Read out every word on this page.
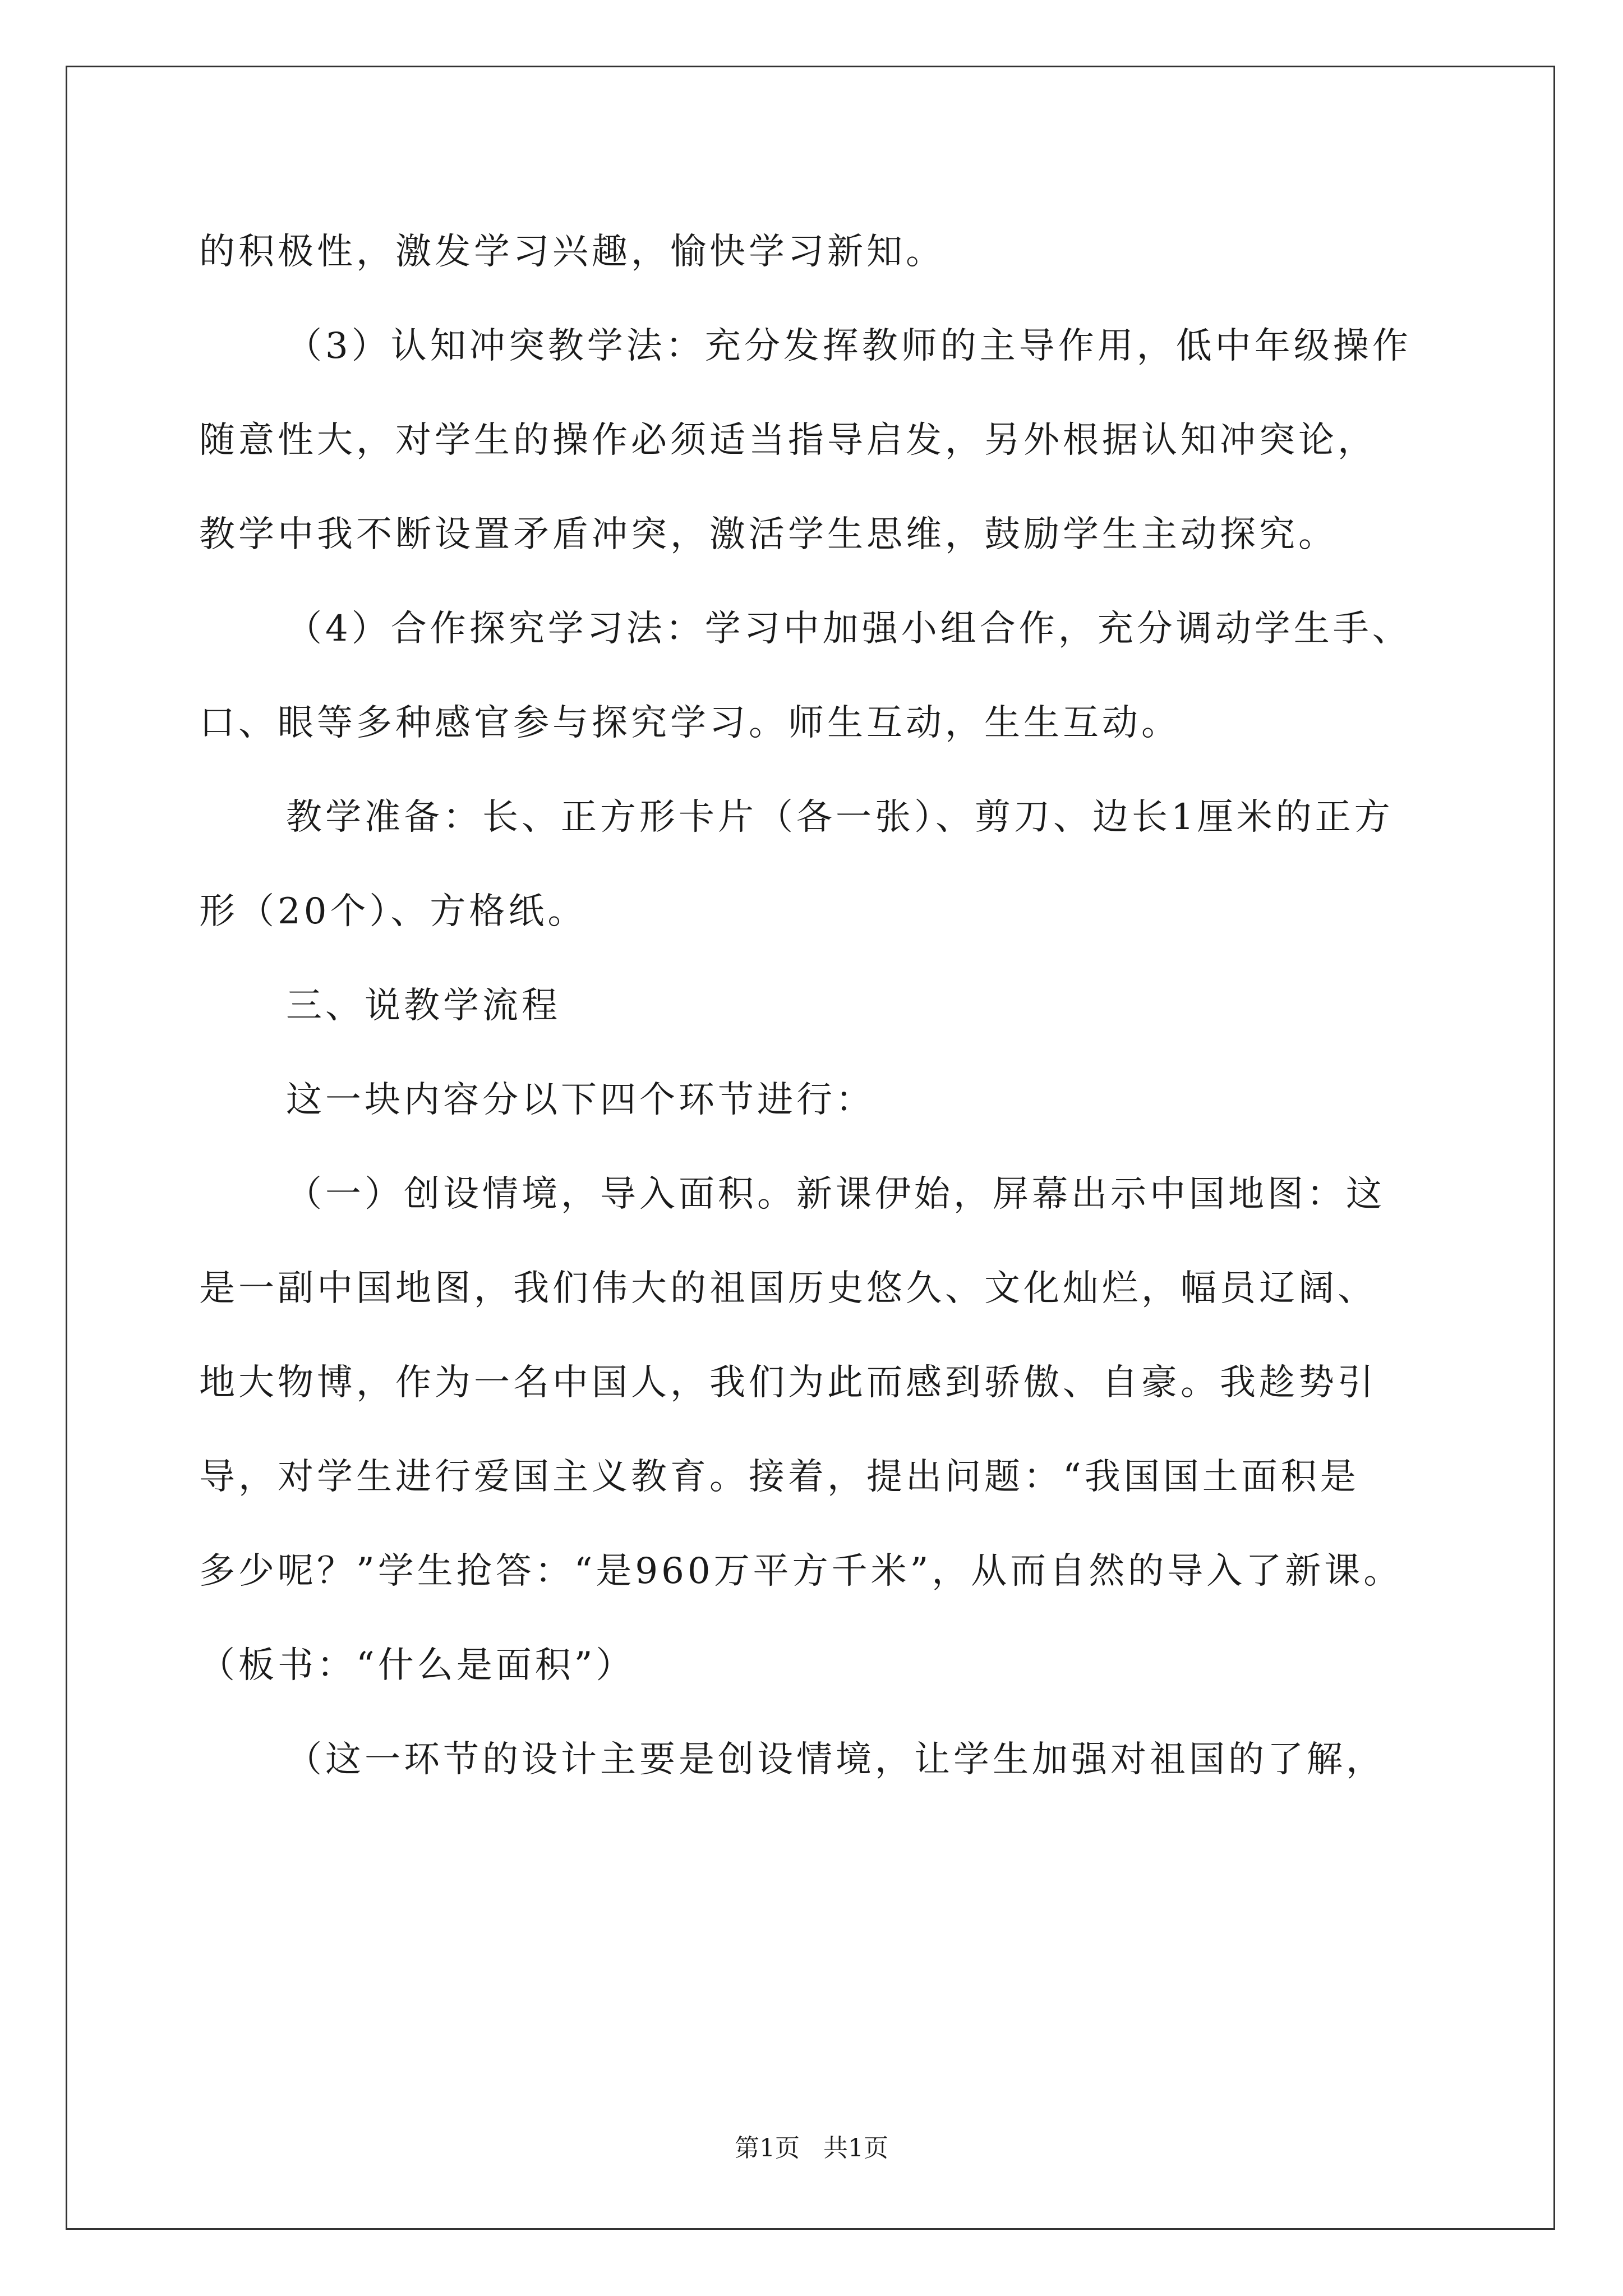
的积极性，激发学习兴趣，愉快学习新知。
（3）认知冲突教学法：充分发挥教师的主导作用，低中年级操作
随意性大，对学生的操作必须适当指导启发，另外根据认知冲突论，
教学中我不断设置矛盾冲突，激活学生思维，鼓励学生主动探究。
（4）合作探究学习法：学习中加强小组合作，充分调动学生手、
口、眼等多种感官参与探究学习。师生互动，生生互动。
教学准备：长、正方形卡片（各一张）、剪刀、边长1厘米的正方
形（20个）、方格纸。
三、说教学流程
这一块内容分以下四个环节进行：
（一）创设情境，导入面积。新课伊始，屏幕出示中国地图：这
是一副中国地图，我们伟大的祖国历史悠久、文化灿烂，幅员辽阔、
地大物博，作为一名中国人，我们为此而感到骄傲、自豪。我趁势引
导，对学生进行爱国主义教育。接着，提出问题：“我国国土面积是
多少呢？”学生抢答：“是960万平方千米”，从而自然的导入了新课。
（板书：“什么是面积”）
（这一环节的设计主要是创设情境，让学生加强对祖国的了解，
第1页   共1页
